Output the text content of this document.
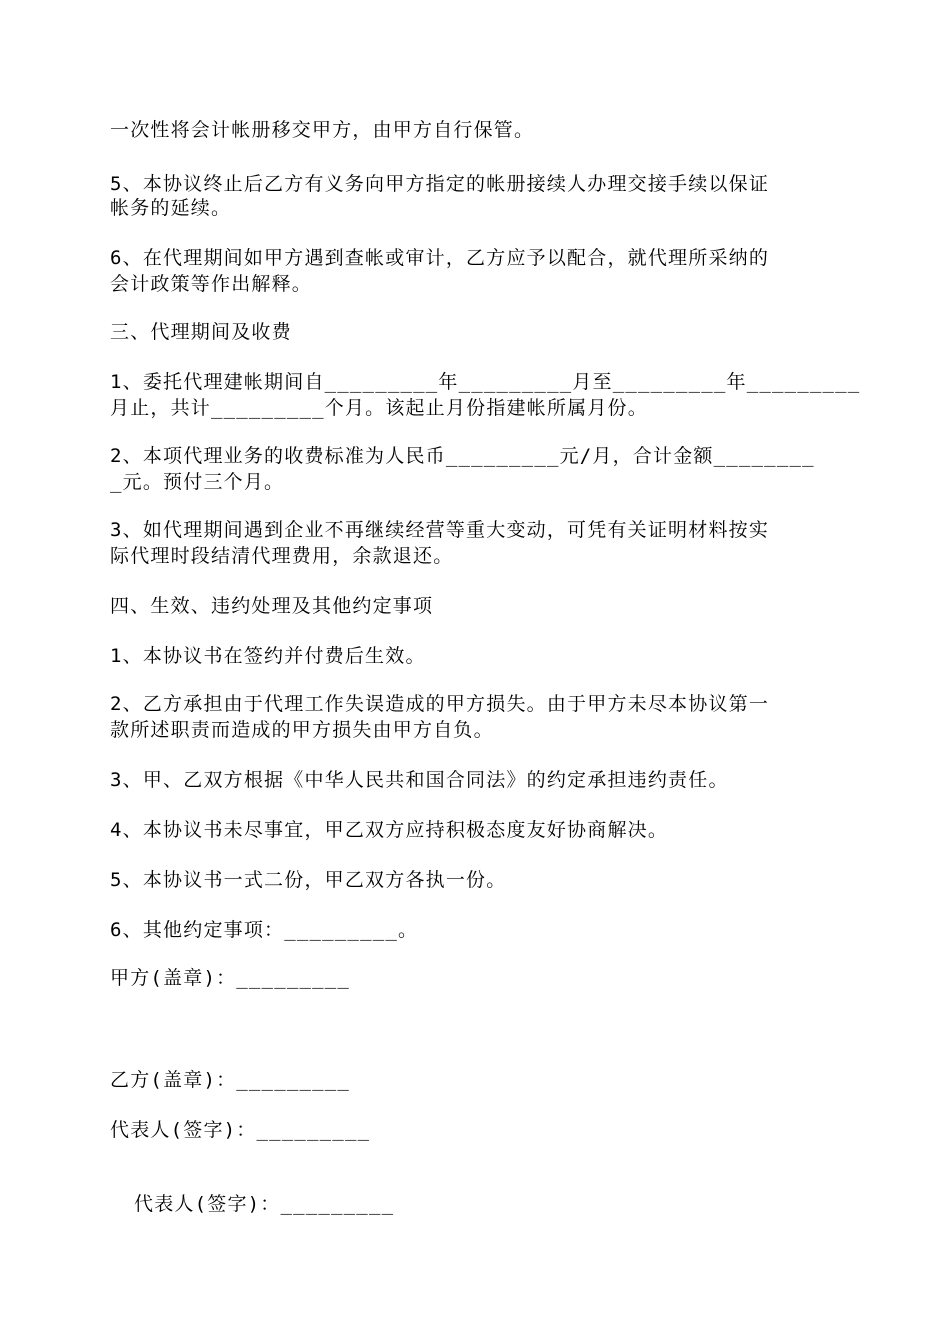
一次性将会计帐册移交甲方，由甲方自行保管。
5、本协议终止后乙方有义务向甲方指定的帐册接续人办理交接手续以保证
帐务的延续。
6、在代理期间如甲方遇到查帐或审计，乙方应予以配合，就代理所采纳的
会计政策等作出解释。
三、代理期间及收费
1、委托代理建帐期间自_________年_________月至_________年_________
月止，共计_________个月。该起止月份指建帐所属月份。
2、本项代理业务的收费标准为人民币_________元/月，合计金额________
_元。预付三个月。
3、如代理期间遇到企业不再继续经营等重大变动，可凭有关证明材料按实
际代理时段结清代理费用，余款退还。
四、生效、违约处理及其他约定事项
1、本协议书在签约并付费后生效。
2、乙方承担由于代理工作失误造成的甲方损失。由于甲方未尽本协议第一
款所述职责而造成的甲方损失由甲方自负。
3、甲、乙双方根据《中华人民共和国合同法》的约定承担违约责任。
4、本协议书未尽事宜，甲乙双方应持积极态度友好协商解决。
5、本协议书一式二份，甲乙双方各执一份。
6、其他约定事项：_________。
甲方(盖章)：_________
乙方(盖章)：_________
代表人(签字)：_________
代表人(签字)：_________
